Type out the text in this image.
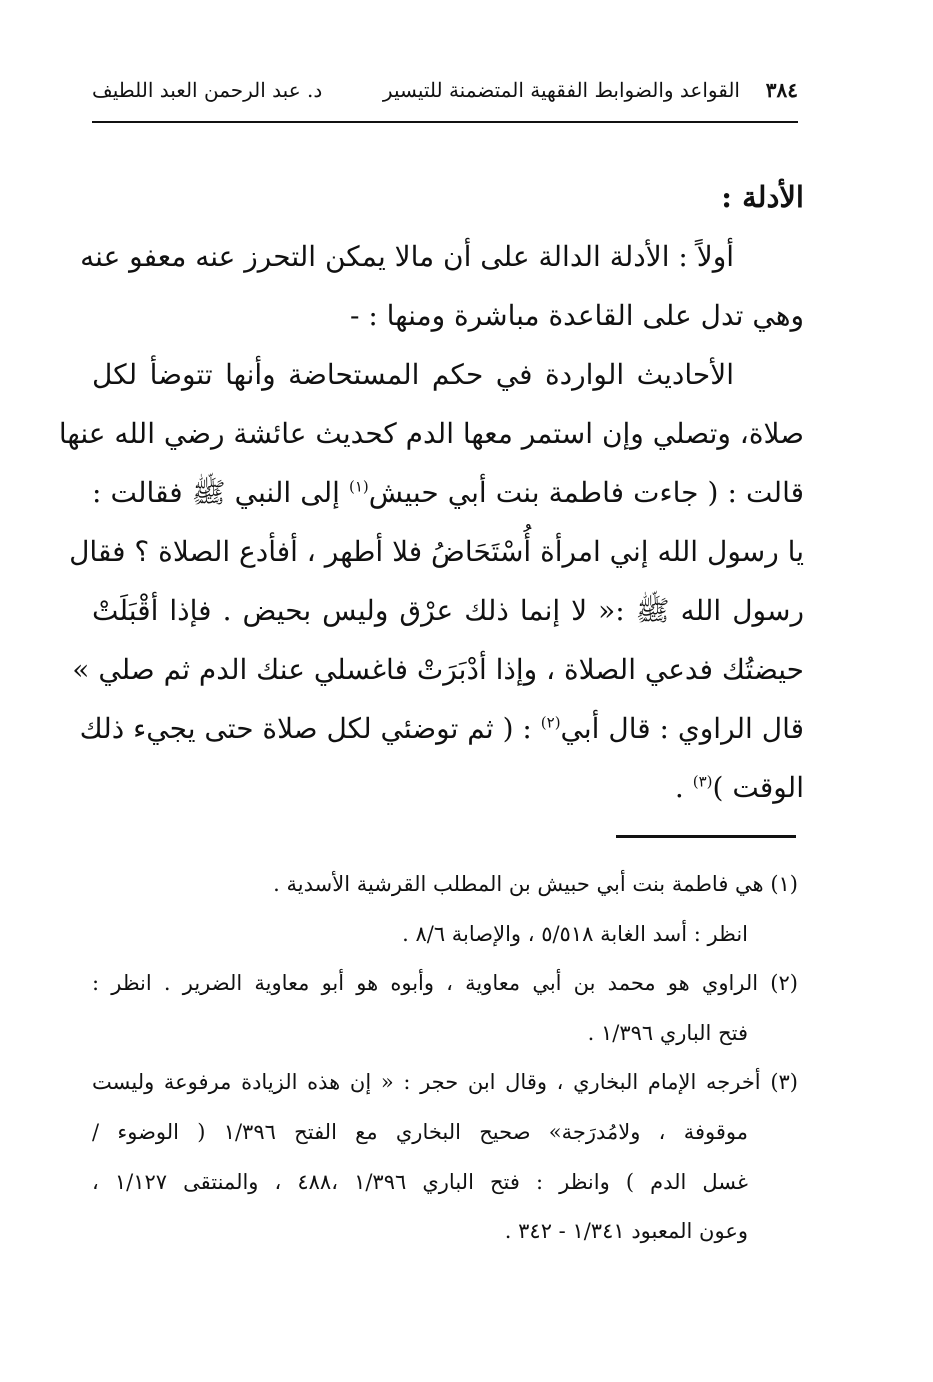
٣٨٤
القواعد والضوابط الفقهية المتضمنة للتيسير
د. عبد الرحمن العبد اللطيف
الأدلة :
أولاً : الأدلة الدالة على أن مالا يمكن التحرز عنه معفو عنه
وهي تدل على القاعدة مباشرة ومنها : -
الأحاديث الواردة في حكم المستحاضة وأنها تتوضأ لكل
صلاة، وتصلي وإن استمر معها الدم كحديث عائشة رضي الله عنها
قالت : ( جاءت فاطمة بنت أبي حبيش$^{(١)}$ إلى النبي ﷺ فقالت :
يا رسول الله إني امرأة أُسْتَحَاضُ فلا أطهر ، أفأدع الصلاة ؟ فقال
رسول الله ﷺ :« لا إنما ذلك عرْق وليس بحيض . فإذا أقْبَلَتْ
حيضتُك فدعي الصلاة ، وإذا أدْبَرَتْ فاغسلي عنك الدم ثم صلي »
قال الراوي : قال أبي$^{(٢)}$ : ( ثم توضئي لكل صلاة حتى يجيء ذلك
الوقت )$^{(٣)}$ .
(١) هي فاطمة بنت أبي حبيش بن المطلب القرشية الأسدية .
انظر : أسد الغابة ٥/٥١٨ ، والإصابة ٨/٦ .
(٢) الراوي هو محمد بن أبي معاوية ، وأبوه هو أبو معاوية الضرير . انظر :
فتح الباري ١/٣٩٦ .
(٣) أخرجه الإمام البخاري ، وقال ابن حجر : « إن هذه الزيادة مرفوعة وليست
موقوفة ، ولامُدرَجة» صحيح البخاري مع الفتح ١/٣٩٦ ( الوضوء /
غسل الدم ) وانظر : فتح الباري ١/٣٩٦ ،٤٨٨ ، والمنتقى ١/١٢٧ ،
وعون المعبود ١/٣٤١ - ٣٤٢ .
